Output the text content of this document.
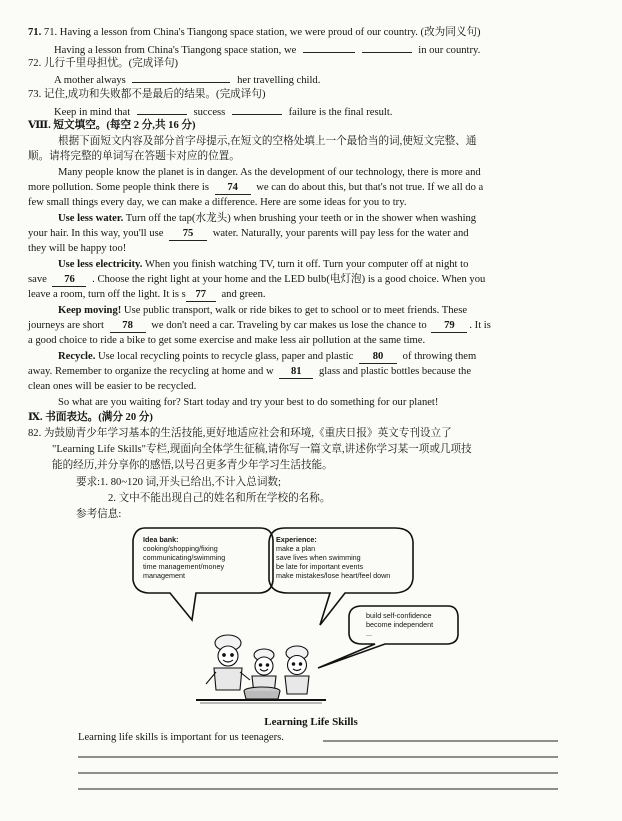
71. 71. Having a lesson from China's Tiangong space station, we were proud of our country. (改为同义句)
Having a lesson from China's Tiangong space station, we	in our country.
72. 儿行千里母担忧。(完成译句)
A mother always	her travelling child.
73. 记住,成功和失败都不是最后的结果。(完成译句)
Keep in mind that	success	failure is the final result.
Ⅷ. 短文填空。(每空 2 分,共 16 分)
根据下面短文内容及部分首字母提示,在短文的空格处填上一个最恰当的词,使短文完整、通
顺。请将完整的单词写在答题卡对应的位置。
Many people know the planet is in danger. As the development of our technology, there is more and
more pollution. Some people think there is 74 we can do about this, but that's not true. If we all do a
few small things every day, we can make a difference. Here are some ideas for you to try.
Use less water. Turn off the tap(水龙头) when brushing your teeth or in the shower when washing
your hair. In this way, you'll use 75 water. Naturally, your parents will pay less for the water and
they will be happy too!
Use less electricity. When you finish watching TV, turn it off. Turn your computer off at night to
save 76 . Choose the right light at your home and the LED bulb(电灯泡) is a good choice. When you
leave a room, turn off the light. It is s 77 and green.
Keep moving! Use public transport, walk or ride bikes to get to school or to meet friends. These
journeys are short 78 we don't need a car. Traveling by car makes us lose the chance to 79 . It is
a good choice to ride a bike to get some exercise and make less air pollution at the same time.
Recycle. Use local recycling points to recycle glass, paper and plastic 80 of throwing them
away. Remember to organize the recycling at home and w 81 glass and plastic bottles because the
clean ones will be easier to be recycled.
So what are you waiting for? Start today and try your best to do something for our planet!
Ⅸ. 书面表达。(满分 20 分)
82. 为鼓励青少年学习基本的生活技能,更好地适应社会和环境,《重庆日报》英文专刊设立了
"Learning Life Skills"专栏,现面向全体学生征稿,请你写一篇文章,讲述你学习某一项或几项技
能的经历,并分享你的感悟,以号召更多青少年学习生活技能。
要求:1. 80~120 词,开头已给出,不计入总词数;
2. 文中不能出现自己的姓名和所在学校的名称。
参考信息:
Idea bank:
cooking/shopping/fixing
communicating/swimming
time management/money
management
Experience:
make a plan
save lives when swimming
be late for important events
make mistakes/lose heart/feel down
build self-confidence
become independent
...
Learning Life Skills
Learning life skills is important for us teenagers.
